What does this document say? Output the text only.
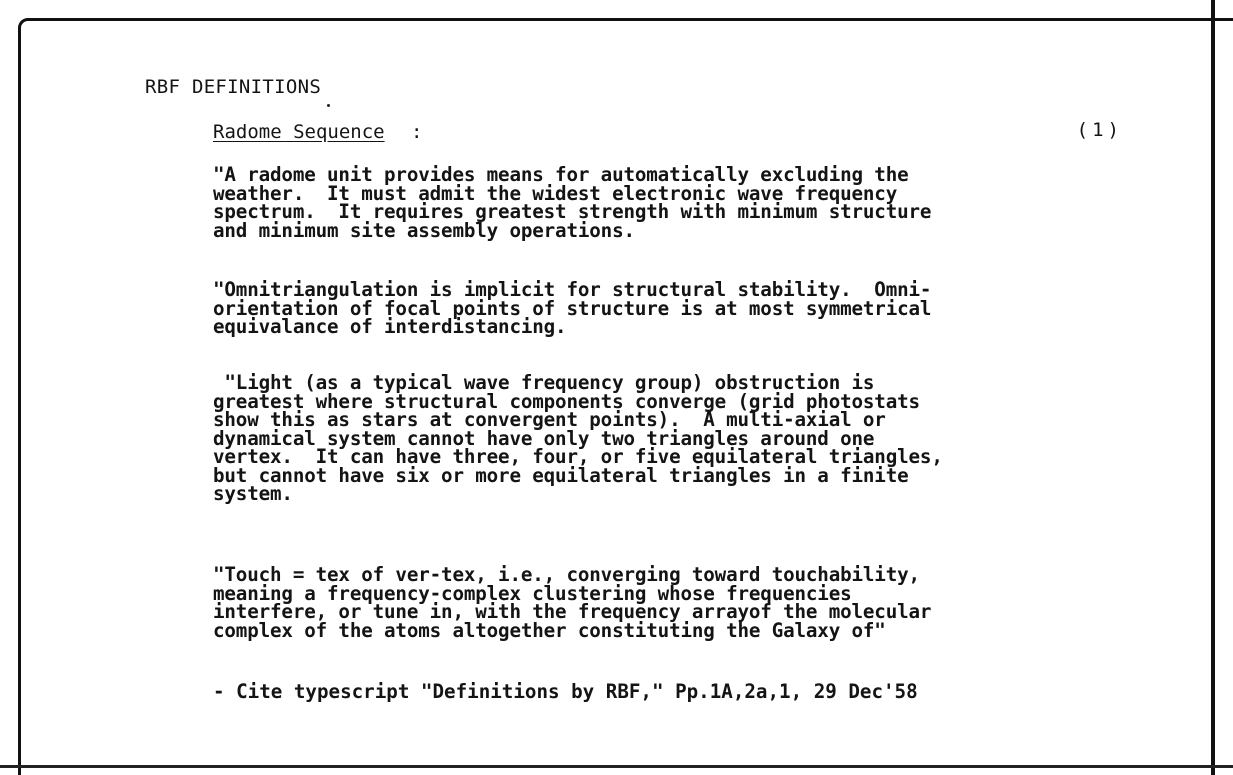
RBF DEFINITIONS
Radome Sequence :	(1)
"A radome unit provides means for automatically excluding the
weather.  It must admit the widest electronic wave frequency
spectrum.  It requires greatest strength with minimum structure
and minimum site assembly operations.
"Omnitriangulation is implicit for structural stability.  Omni-
orientation of focal points of structure is at most symmetrical
equivalance of interdistancing.
"Light (as a typical wave frequency group) obstruction is
greatest where structural components converge (grid photostats
show this as stars at convergent points).  A multi-axial or
dynamical system cannot have only two triangles around one
vertex.  It can have three, four, or five equilateral triangles,
but cannot have six or more equilateral triangles in a finite
system.
"Touch = tex of ver-tex, i.e., converging toward touchability,
meaning a frequency-complex clustering whose frequencies
interfere, or tune in, with the frequency arrayof the molecular
complex of the atoms altogether constituting the Galaxy of"
- Cite typescript "Definitions by RBF," Pp.1A,2a,1, 29 Dec'58
